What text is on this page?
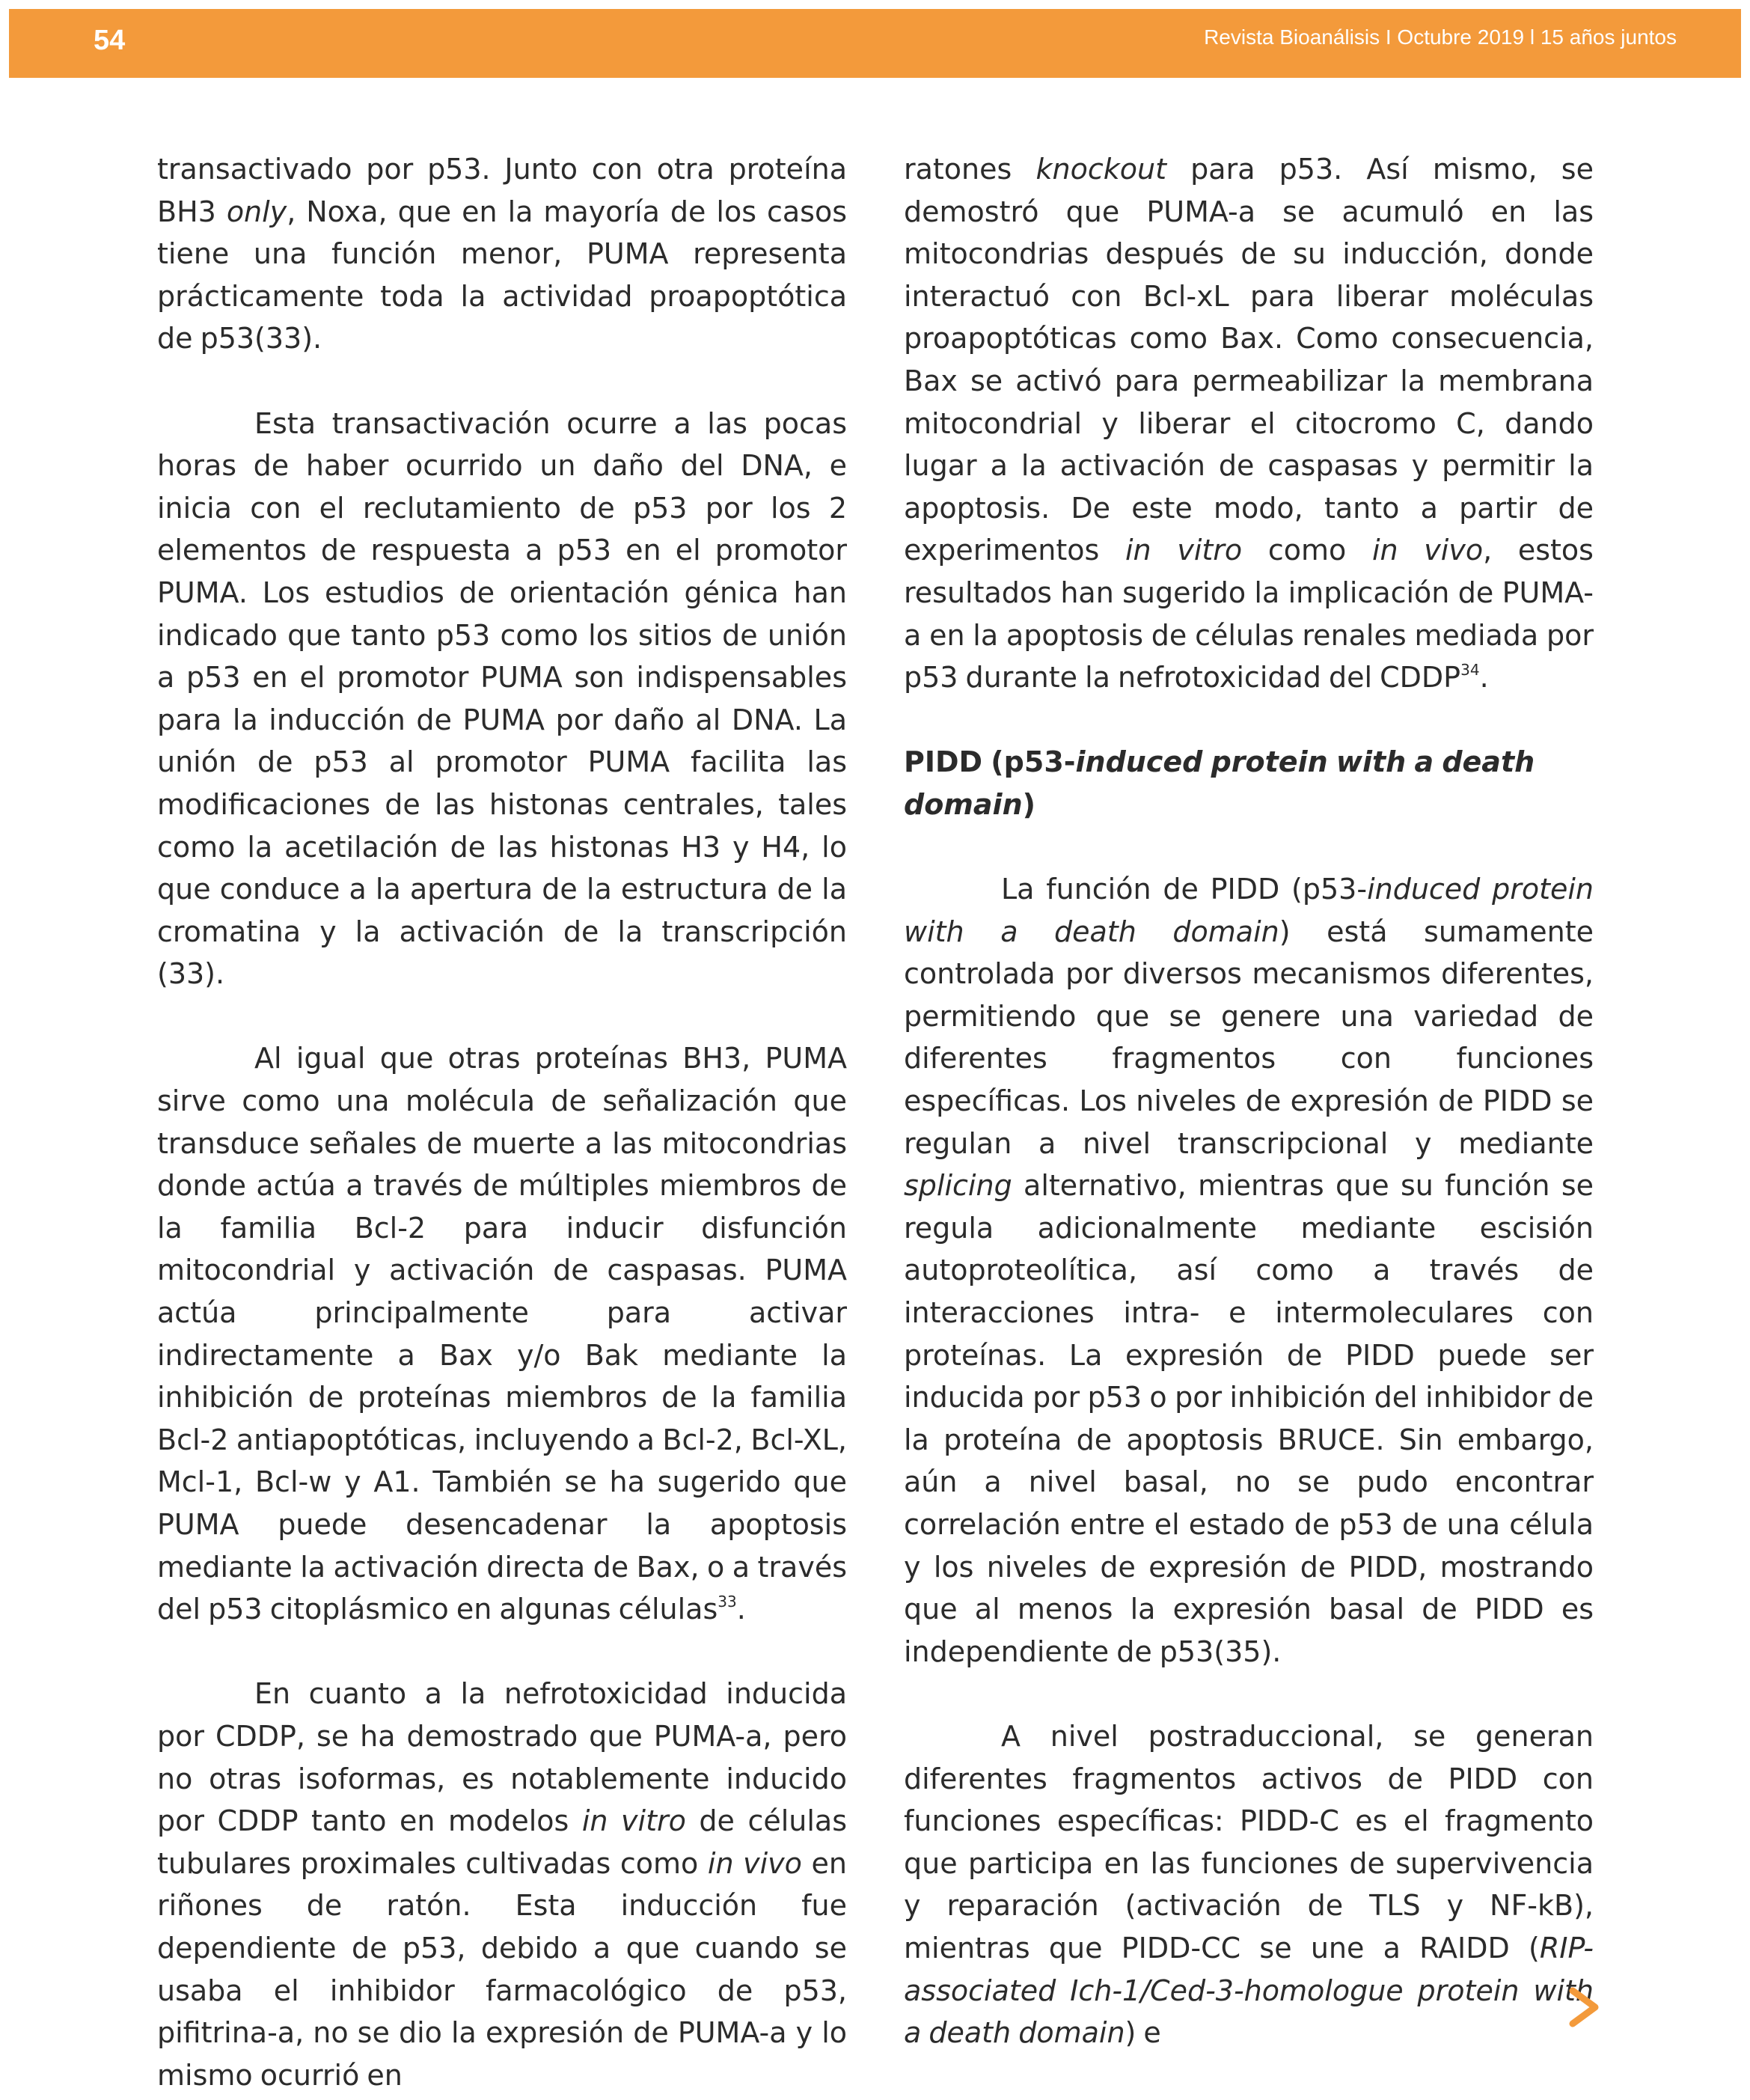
54	Revista Bioanálisis I Octubre 2019 l 15 años juntos

transactivado por p53. Junto con otra proteína BH3 only, Noxa, que en la mayoría de los casos tiene una función menor, PUMA representa prácticamente toda la actividad proapoptótica de p53(33).

Esta transactivación ocurre a las pocas horas de haber ocurrido un daño del DNA, e inicia con el reclutamiento de p53 por los 2 elementos de respuesta a p53 en el promotor PUMA. Los estudios de orientación génica han indicado que tanto p53 como los sitios de unión a p53 en el promotor PUMA son indispensables para la inducción de PUMA por daño al DNA. La unión de p53 al promotor PUMA facilita las modificaciones de las histonas centrales, tales como la acetilación de las histonas H3 y H4, lo que conduce a la apertura de la estructura de la cromatina y la activación de la transcripción (33).

Al igual que otras proteínas BH3, PUMA sirve como una molécula de señalización que transduce señales de muerte a las mitocondrias donde actúa a través de múltiples miembros de la familia Bcl-2 para inducir disfunción mitocondrial y activación de caspasas. PUMA actúa principalmente para activar indirectamente a Bax y/o Bak mediante la inhibición de proteínas miembros de la familia Bcl-2 antiapoptóticas, incluyendo a Bcl-2, Bcl-XL, Mcl-1, Bcl-w y A1. También se ha sugerido que PUMA puede desencadenar la apoptosis mediante la activación directa de Bax, o a través del p53 citoplásmico en algunas células$^{33}$.

En cuanto a la nefrotoxicidad inducida por CDDP, se ha demostrado que PUMA-a, pero no otras isoformas, es notablemente inducido por CDDP tanto en modelos in vitro de células tubulares proximales cultivadas como in vivo en riñones de ratón. Esta inducción fue dependiente de p53, debido a que cuando se usaba el inhibidor farmacológico de p53, pifitrina-a, no se dio la expresión de PUMA-a y lo mismo ocurrió en

ratones knockout para p53. Así mismo, se demostró que PUMA-a se acumuló en las mitocondrias después de su inducción, donde interactuó con Bcl-xL para liberar moléculas proapoptóticas como Bax. Como consecuencia, Bax se activó para permeabilizar la membrana mitocondrial y liberar el citocromo C, dando lugar a la activación de caspasas y permitir la apoptosis. De este modo, tanto a partir de experimentos in vitro como in vivo, estos resultados han sugerido la implicación de PUMA-a en la apoptosis de células renales mediada por p53 durante la nefrotoxicidad del CDDP$^{34}$.

PIDD (p53-induced protein with a death domain)

La función de PIDD (p53-induced protein with a death domain) está sumamente controlada por diversos mecanismos diferentes, permitiendo que se genere una variedad de diferentes fragmentos con funciones específicas. Los niveles de expresión de PIDD se regulan a nivel transcripcional y mediante splicing alternativo, mientras que su función se regula adicionalmente mediante escisión autoproteolítica, así como a través de interacciones intra- e intermoleculares con proteínas. La expresión de PIDD puede ser inducida por p53 o por inhibición del inhibidor de la proteína de apoptosis BRUCE. Sin embargo, aún a nivel basal, no se pudo encontrar correlación entre el estado de p53 de una célula y los niveles de expresión de PIDD, mostrando que al menos la expresión basal de PIDD es independiente de p53(35).

A nivel postraduccional, se generan diferentes fragmentos activos de PIDD con funciones específicas: PIDD-C es el fragmento que participa en las funciones de supervivencia y reparación (activación de TLS y NF-kB), mientras que PIDD-CC se une a RAIDD (RIP-associated Ich-1/Ced-3-homologue protein with a death domain) e
